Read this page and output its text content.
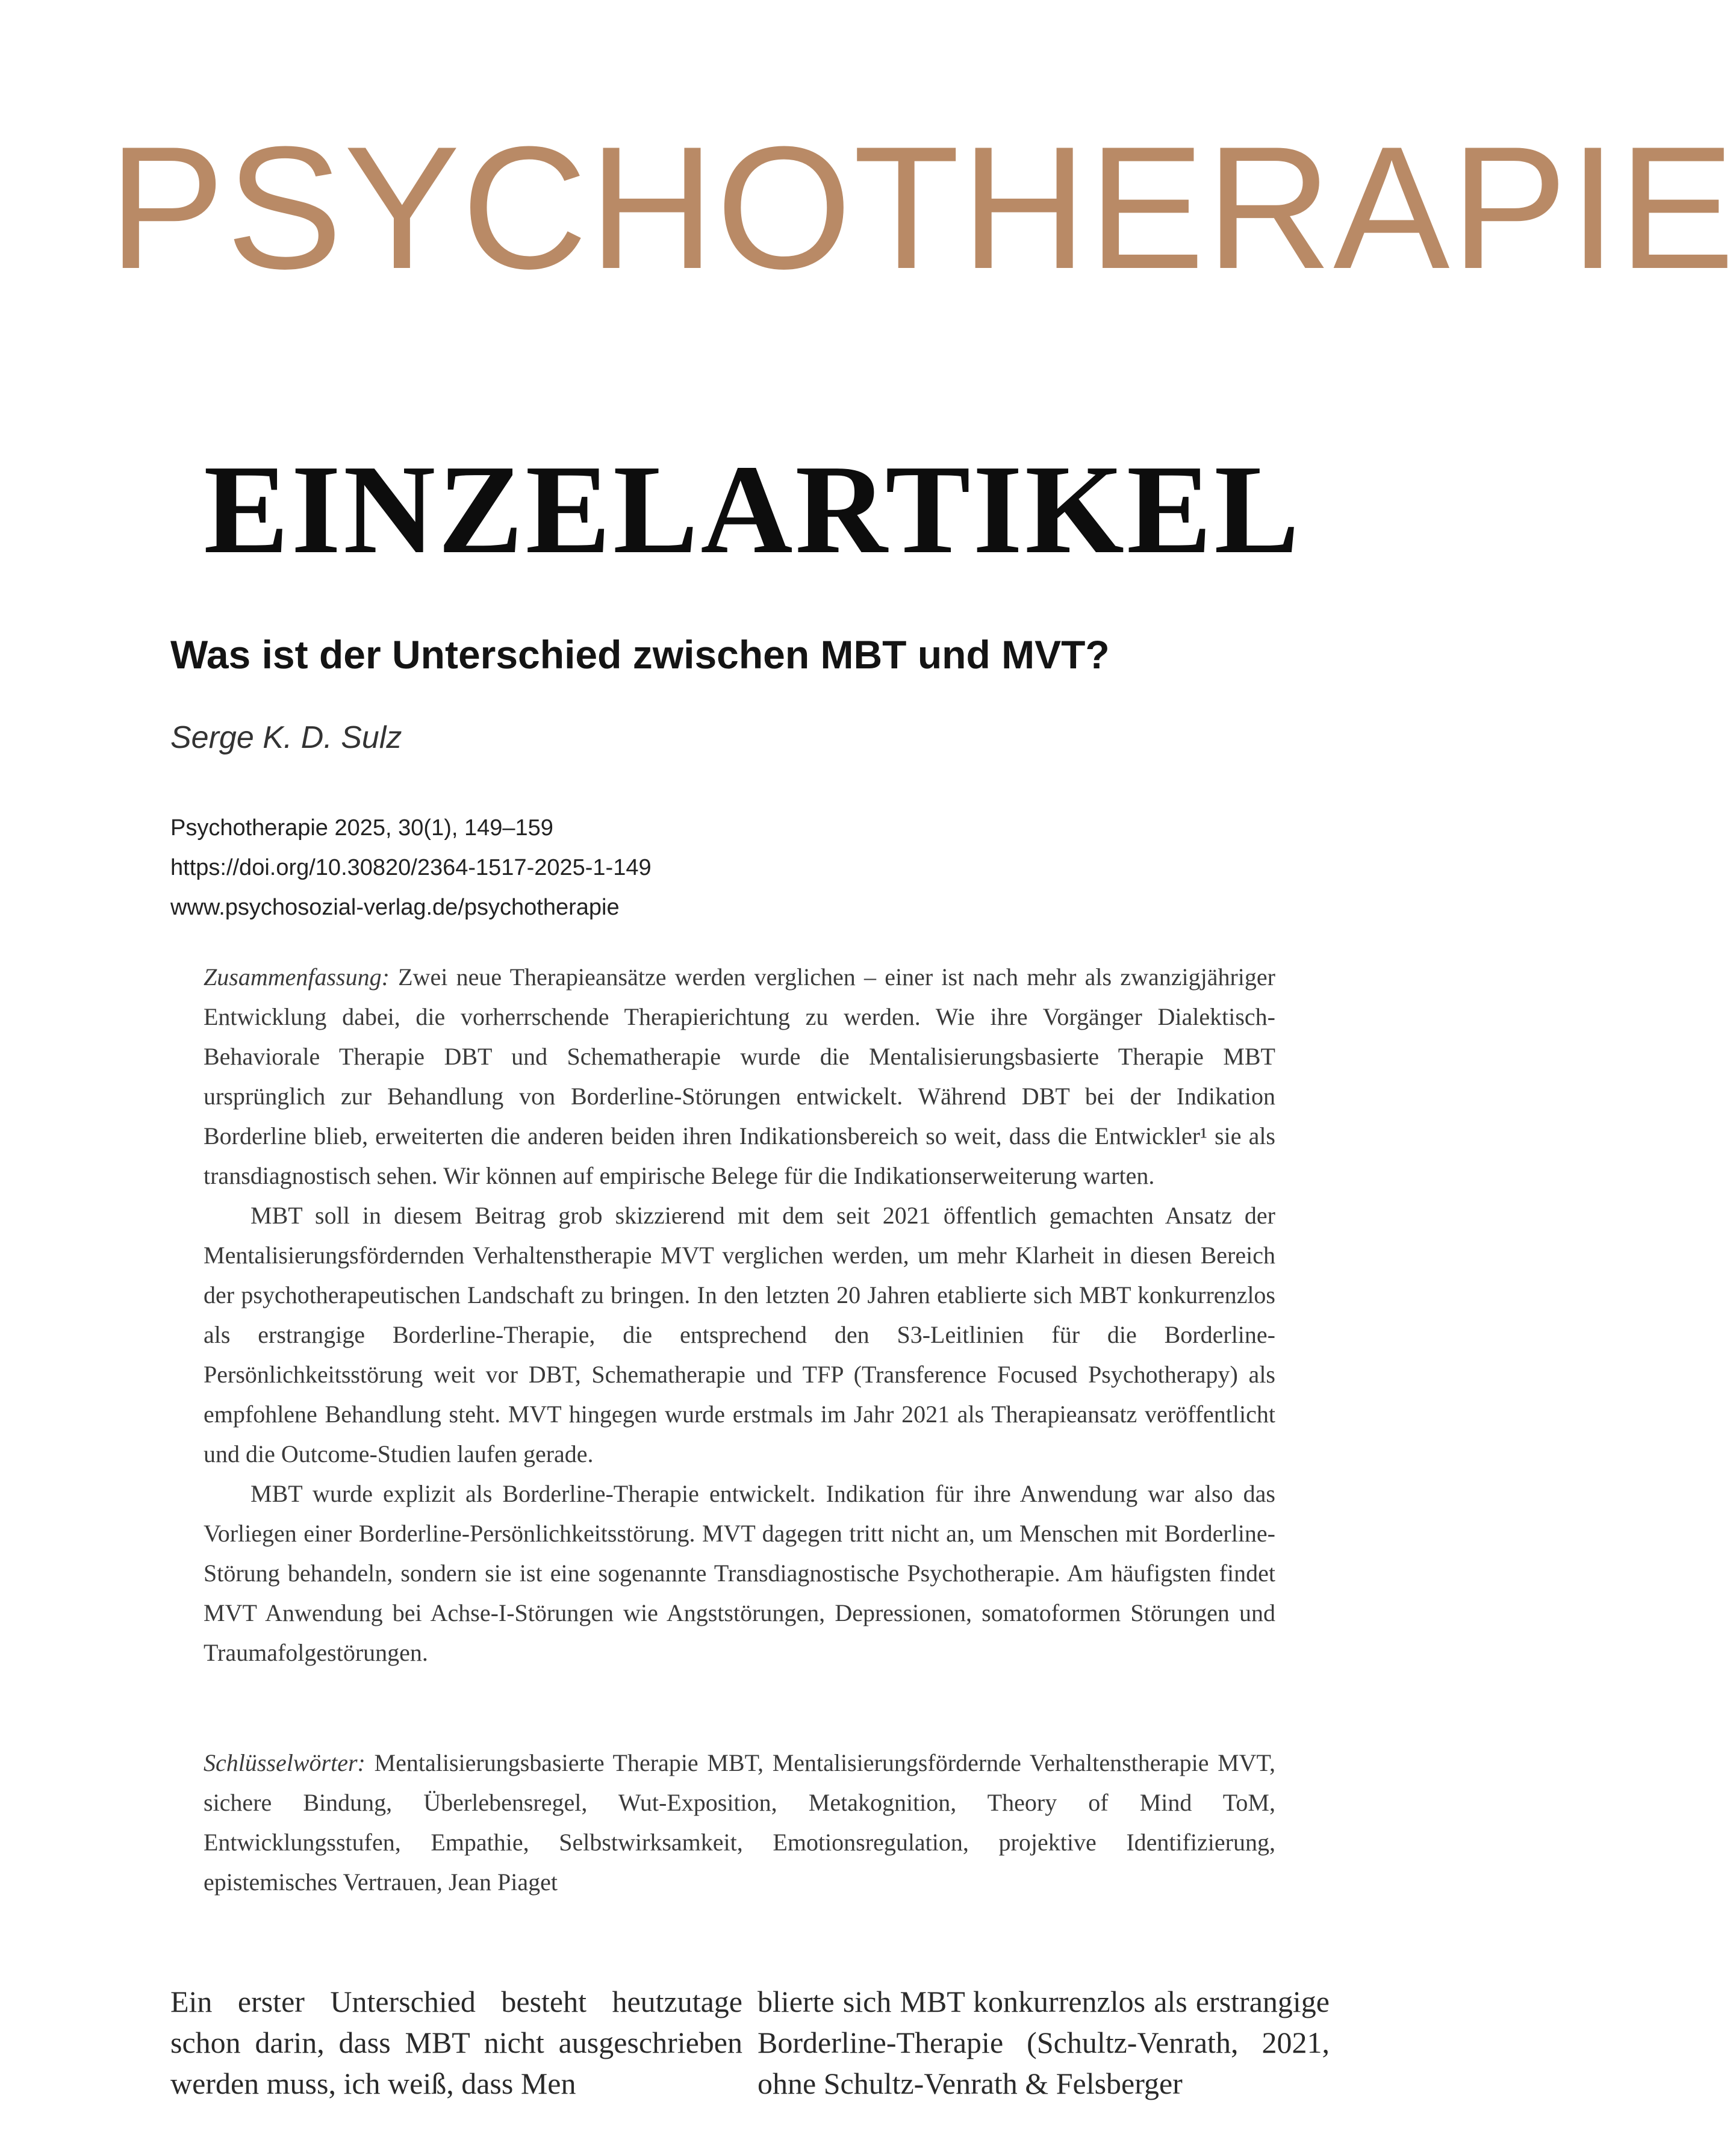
PSYCHOTHERAPIE
EINZELARTIKEL
Was ist der Unterschied zwischen MBT und MVT?
Serge K. D. Sulz
Psychotherapie 2025, 30(1), 149–159
https://doi.org/10.30820/2364-1517-2025-1-149
www.psychosozial-verlag.de/psychotherapie

Zusammenfassung: Zwei neue Therapieansätze werden verglichen – einer ist nach mehr als zwanzigjähriger Entwicklung dabei, die vorherrschende Therapierichtung zu werden. Wie ihre Vorgänger Dialektisch-Behaviorale Therapie DBT und Schematherapie wurde die Mentalisierungsbasierte Therapie MBT ursprünglich zur Behandlung von Borderline-Störungen entwickelt. Während DBT bei der Indikation Borderline blieb, erweiterten die anderen beiden ihren Indikationsbereich so weit, dass die Entwickler¹ sie als transdiagnostisch sehen. Wir können auf empirische Belege für die Indikationserweiterung warten.

MBT soll in diesem Beitrag grob skizzierend mit dem seit 2021 öffentlich gemachten Ansatz der Mentalisierungsfördernden Verhaltenstherapie MVT verglichen werden, um mehr Klarheit in diesen Bereich der psychotherapeutischen Landschaft zu bringen. In den letzten 20 Jahren etablierte sich MBT konkurrenzlos als erstrangige Borderline-Therapie, die entsprechend den S3-Leitlinien für die Borderline-Persönlichkeitsstörung weit vor DBT, Schematherapie und TFP (Transference Focused Psychotherapy) als empfohlene Behandlung steht. MVT hingegen wurde erstmals im Jahr 2021 als Therapieansatz veröffentlicht und die Outcome-Studien laufen gerade.

MBT wurde explizit als Borderline-Therapie entwickelt. Indikation für ihre Anwendung war also das Vorliegen einer Borderline-Persönlichkeitsstörung. MVT dagegen tritt nicht an, um Menschen mit Borderline-Störung behandeln, sondern sie ist eine sogenannte Transdiagnostische Psychotherapie. Am häufigsten findet MVT Anwendung bei Achse-I-Störungen wie Angststörungen, Depressionen, somatoformen Störungen und Traumafolgestörungen.

Schlüsselwörter: Mentalisierungsbasierte Therapie MBT, Mentalisierungsfördernde Verhaltenstherapie MVT, sichere Bindung, Überlebensregel, Wut-Exposition, Metakognition, Theory of Mind ToM, Entwicklungsstufen, Empathie, Selbstwirksamkeit, Emotionsregulation, projektive Identifizierung, epistemisches Vertrauen, Jean Piaget

Ein erster Unterschied besteht heutzutage schon darin, dass MBT nicht ausgeschrieben werden muss, ich weiß, dass Men

blierte sich MBT konkurrenzlos als erstrangige Borderline-Therapie (Schultz-Venrath, 2021, ohne Schultz-Venrath & Felsberger
